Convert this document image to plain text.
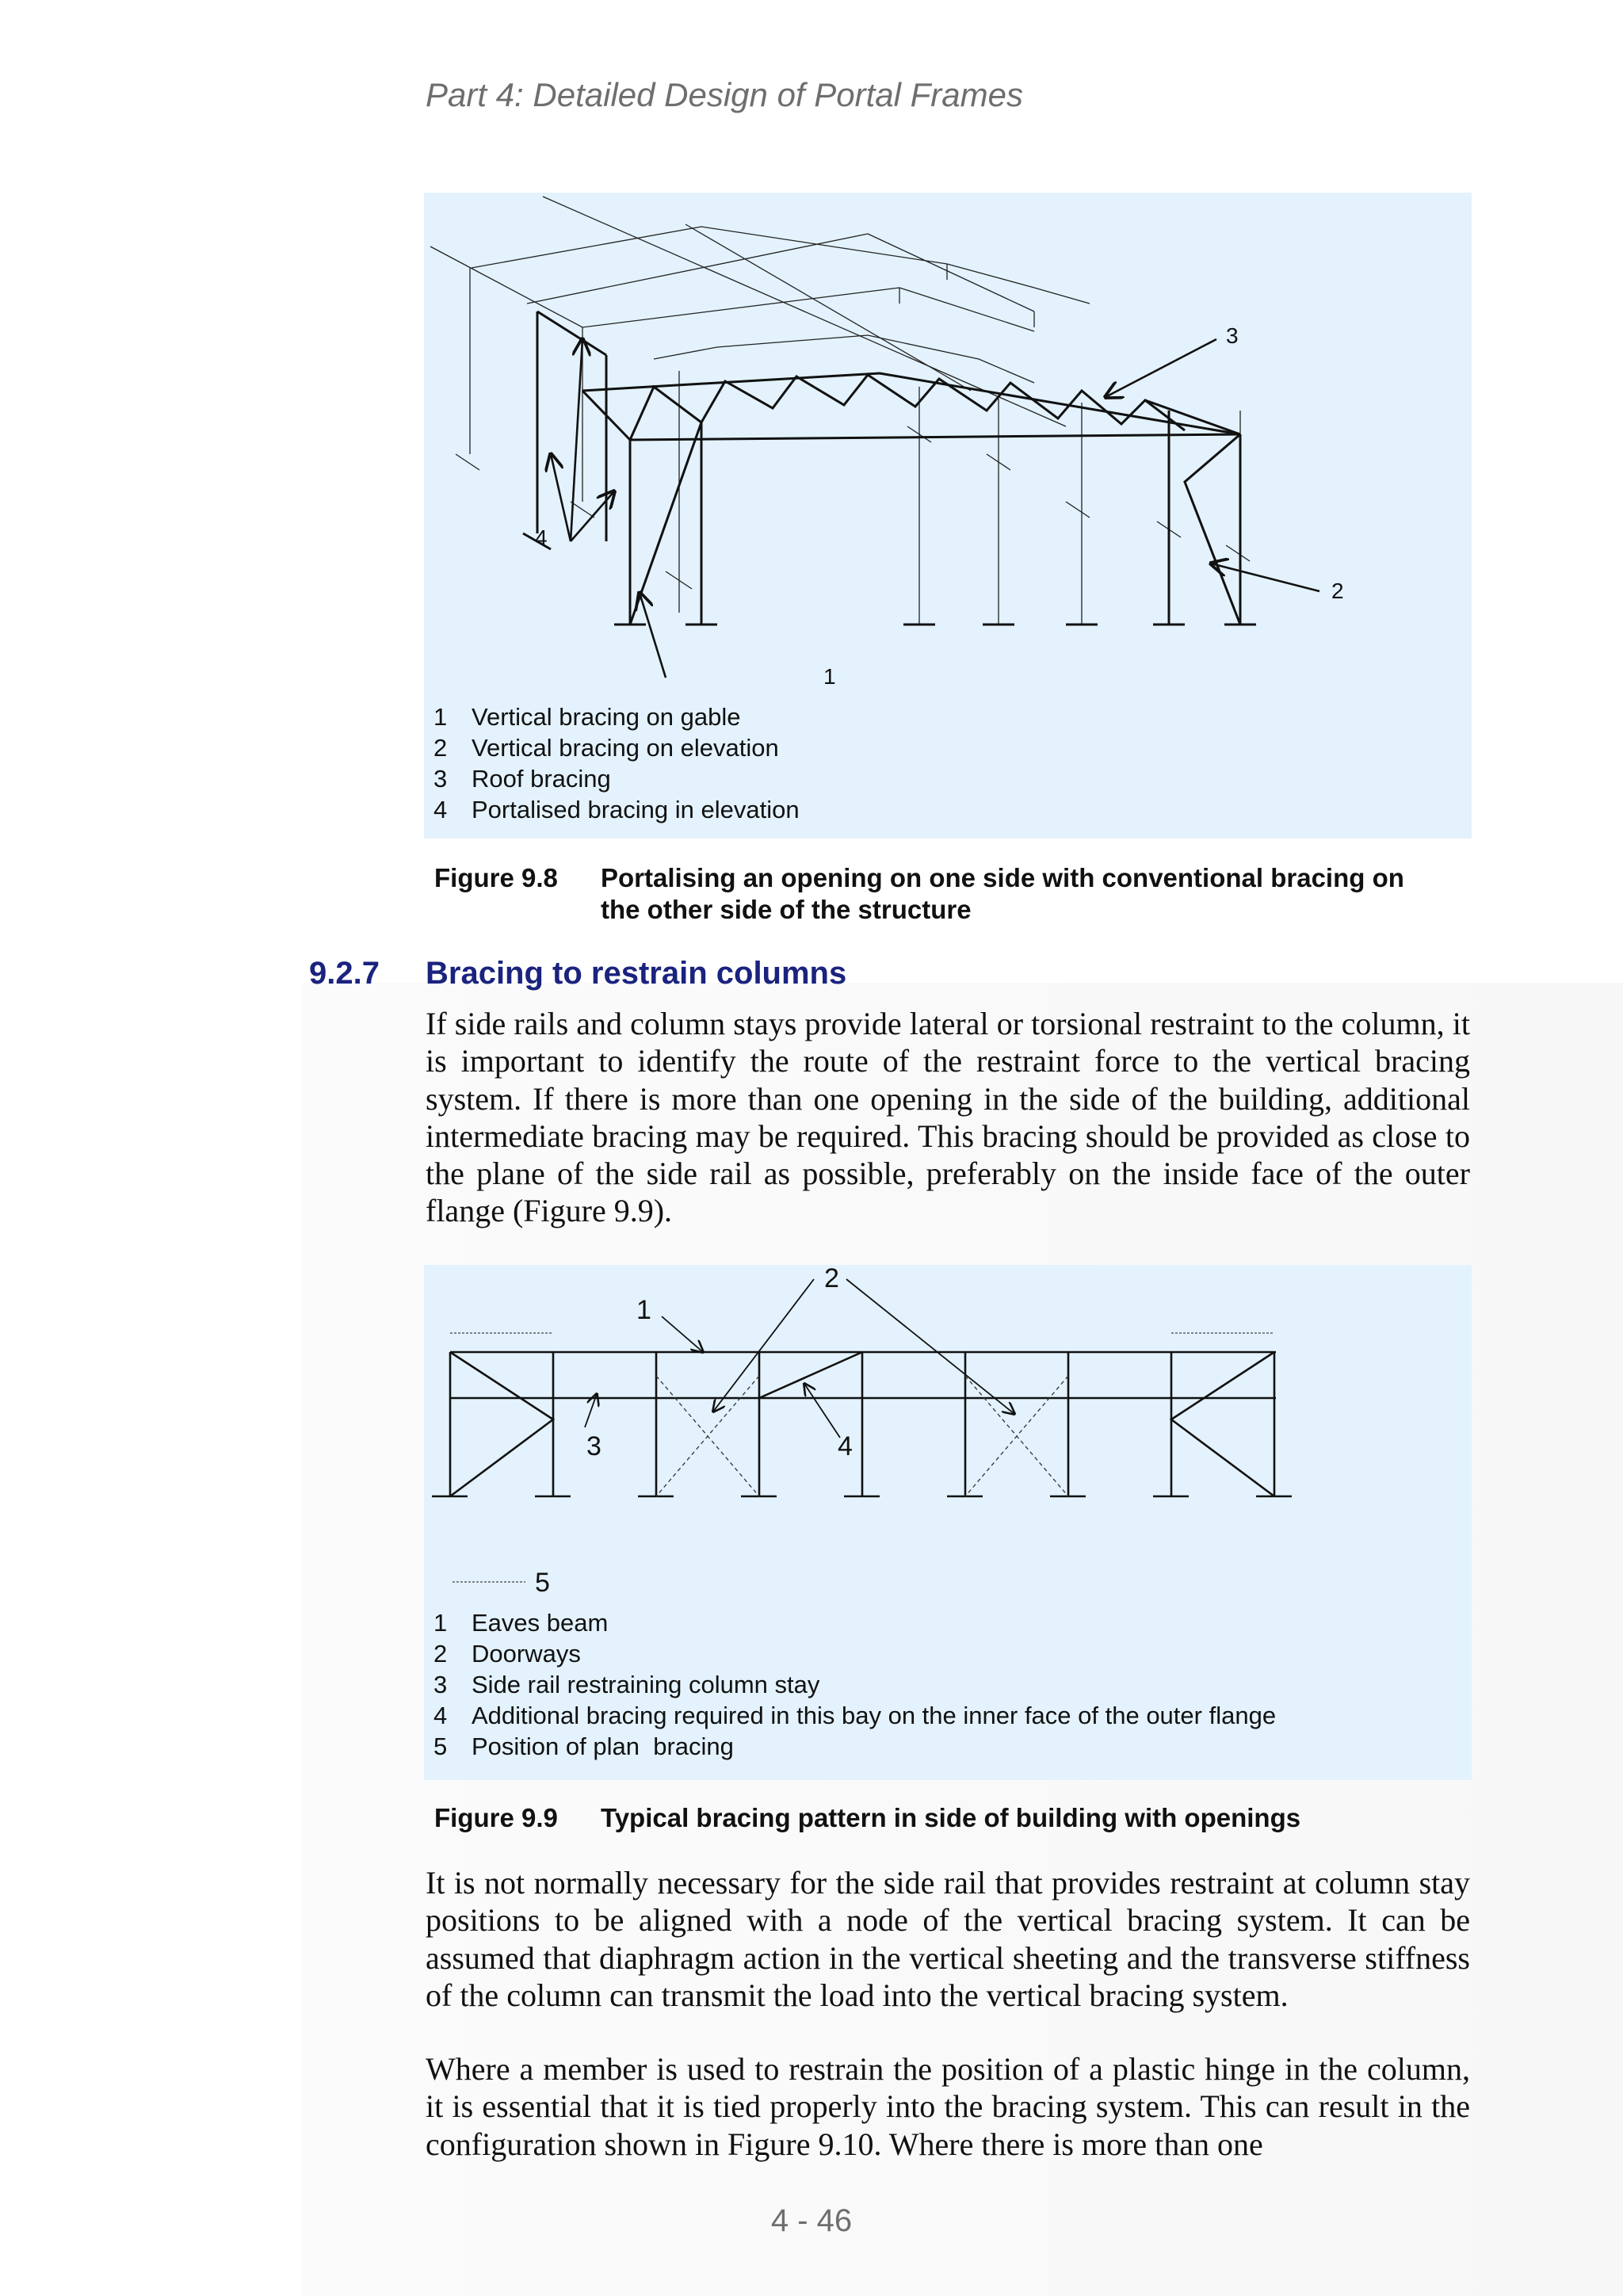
Part 4: Detailed Design of Portal Frames
3
2
4
1
1 Vertical bracing on gable
2 Vertical bracing on elevation
3 Roof bracing
4 Portalised bracing in elevation
Figure 9.8 Portalising an opening on one side with conventional bracing on the other side of the structure
9.2.7 Bracing to restrain columns

If side rails and column stays provide lateral or torsional restraint to the column, it is important to identify the route of the restraint force to the vertical bracing system. If there is more than one opening in the side of the building, additional intermediate bracing may be required. This bracing should be provided as close to the plane of the side rail as possible, preferably on the inside face of the outer flange (Figure 9.9).

1
2
3	4
5
1 Eaves beam
2 Doorways
3 Side rail restraining column stay
4 Additional bracing required in this bay on the inner face of the outer flange
5 Position of plan  bracing
Figure 9.9 Typical bracing pattern in side of building with openings

It is not normally necessary for the side rail that provides restraint at column stay positions to be aligned with a node of the vertical bracing system. It can be assumed that diaphragm action in the vertical sheeting and the transverse stiffness of the column can transmit the load into the vertical bracing system.

Where a member is used to restrain the position of a plastic hinge in the column, it is essential that it is tied properly into the bracing system. This can result in the configuration shown in Figure 9.10. Where there is more than one

4 - 46
